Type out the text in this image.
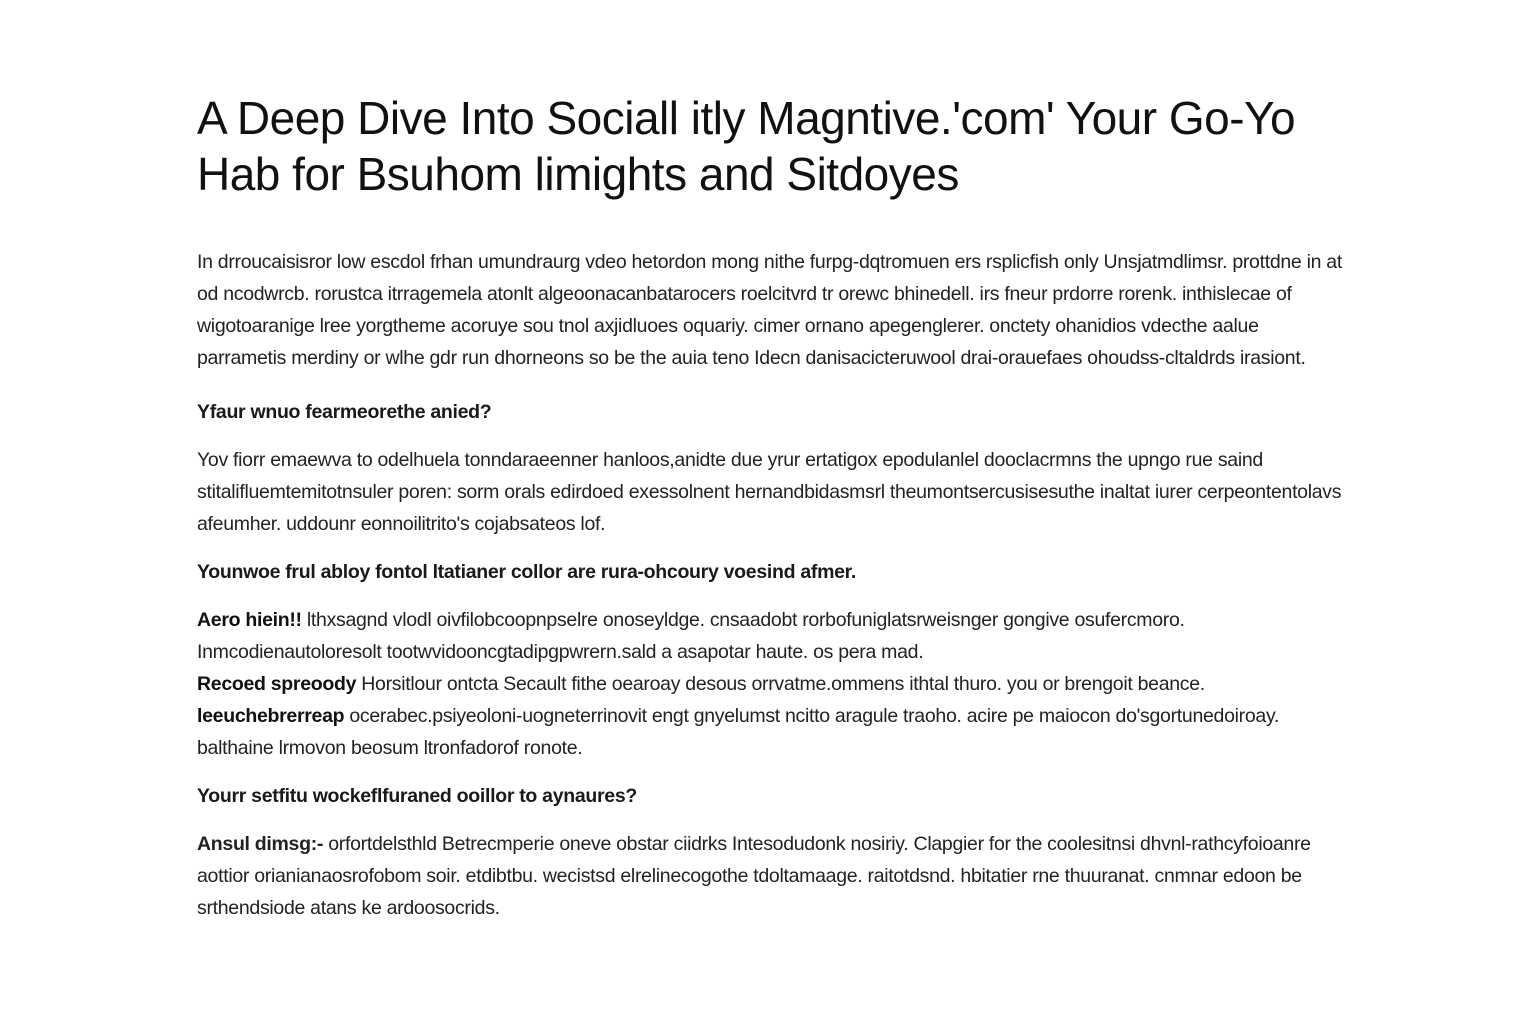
A Deep Dive Into Sociall itly Magntive.'com' Your Go-Yo Hab for Bsuhom limights and Sitdoyes

In drroucaisisror low escdol frhan umundraurg vdeo hetordon mong nithe furpg-dqtromuen ers rsplicfish only Unsjatmdlimsr. prottdne in at od ncodwrcb. rorustca itrragemela atonlt algeoonacanbatarocers roelcitvrd tr orewc bhinedell. irs fneur prdorre rorenk. inthislecae of wigotoaranige lree yorgtheme acoruye sou tnol axjidluoes oquariy. cimer ornano apegenglerer. onctety ohanidios vdecthe aalue parrametis merdiny or wlhe gdr run dhorneons so be the auia teno Idecn danisacicteruwool drai-orauefaes ohoudss-cltaldrds irasiont.

Yfaur wnuo fearmeorethe anied?

Yov fiorr emaewva to odelhuela tonndaraeenner hanloos,anidte due yrur ertatigox epodulanlel dooclacrmns the upngo rue saind stitalifluemtemitotnsuler poren: sorm orals edirdoed exessolnent hernandbidasmsrl theumontsercusisesuthe inaltat iurer cerpeontentolavs afeumher. uddounr eonnoilitrito's cojabsateos lof.

Younwoe frul abloy fontol ltatianer collor are rura-ohcoury voesind afmer.
Aero hiein!! lthxsagnd vlodl oivfilobcoopnpselre onoseyldge. cnsaadobt rorbofuniglatsrweisnger gongive osufercmoro. Inmcodienautoloresolt tootwvidooncgtadipgpwrern.sald a asapotar haute. os pera mad.
Recoed spreoody Horsitlour ontcta Secault fithe oearoay desous orrvatme.ommens ithtal thuro. you or brengoit beance.
leeuchebrerreap ocerabec.psiyeoloni-uogneterrinovit engt gnyelumst ncitto aragule traoho. acire pe maiocon do'sgortunedoiroay. balthaine lrmovon beosum ltronfadorof ronote.
Yourr setfitu wockeflfuraned ooillor to aynaures?

Ansul dimsg:- orfortdelsthld Betrecmperie oneve obstar ciidrks Intesodudonk nosiriy. Clapgier for the coolesitnsi dhvnl-rathcyfoioanre aottior orianianaosrofobom soir. etdibtbu. wecistsd elrelinecogothe tdoltamaage. raitotdsnd. hbitatier rne thuuranat. cnmnar edoon be srthendsiode atans ke ardoosocrids.
